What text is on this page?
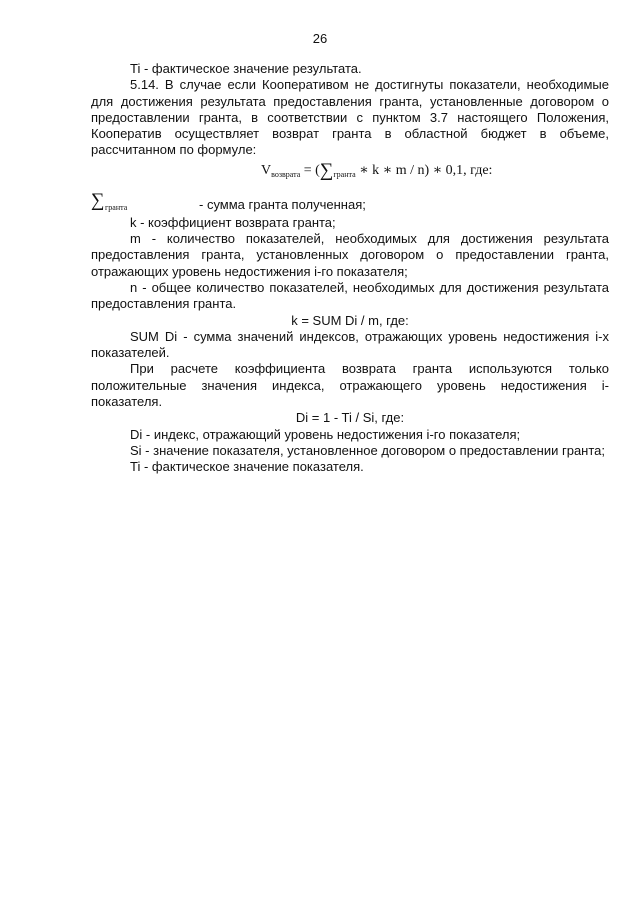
26

Ti - фактическое значение результата.

5.14. В случае если Кооперативом не достигнуты показатели, необходимые для достижения результата предоставления гранта, установленные договором о предоставлении гранта, в соответствии с пунктом 3.7 настоящего Положения, Кооператив осуществляет возврат гранта в областной бюджет в объеме, рассчитанном по формуле:

$V_{возврата} = (\sum_{гранта}$ ∗ k ∗ m / n) ∗ 0,1, где:
∑ гранта	- сумма гранта полученная;

k - коэффициент возврата гранта;

m - количество показателей, необходимых для достижения результата предоставления гранта, установленных договором о предоставлении гранта, отражающих уровень недостижения i-го показателя;

n - общее количество показателей, необходимых для достижения результата предоставления гранта.

k = SUM Di / m, где:

SUM Di - сумма значений индексов, отражающих уровень недостижения i-х показателей.

При расчете коэффициента возврата гранта используются только положительные значения индекса, отражающего уровень недостижения i-показателя.

Di = 1 - Ti / Si, где:

Di - индекс, отражающий уровень недостижения i-го показателя;

Si - значение показателя, установленное договором о предоставлении гранта;

Ti - фактическое значение показателя.
